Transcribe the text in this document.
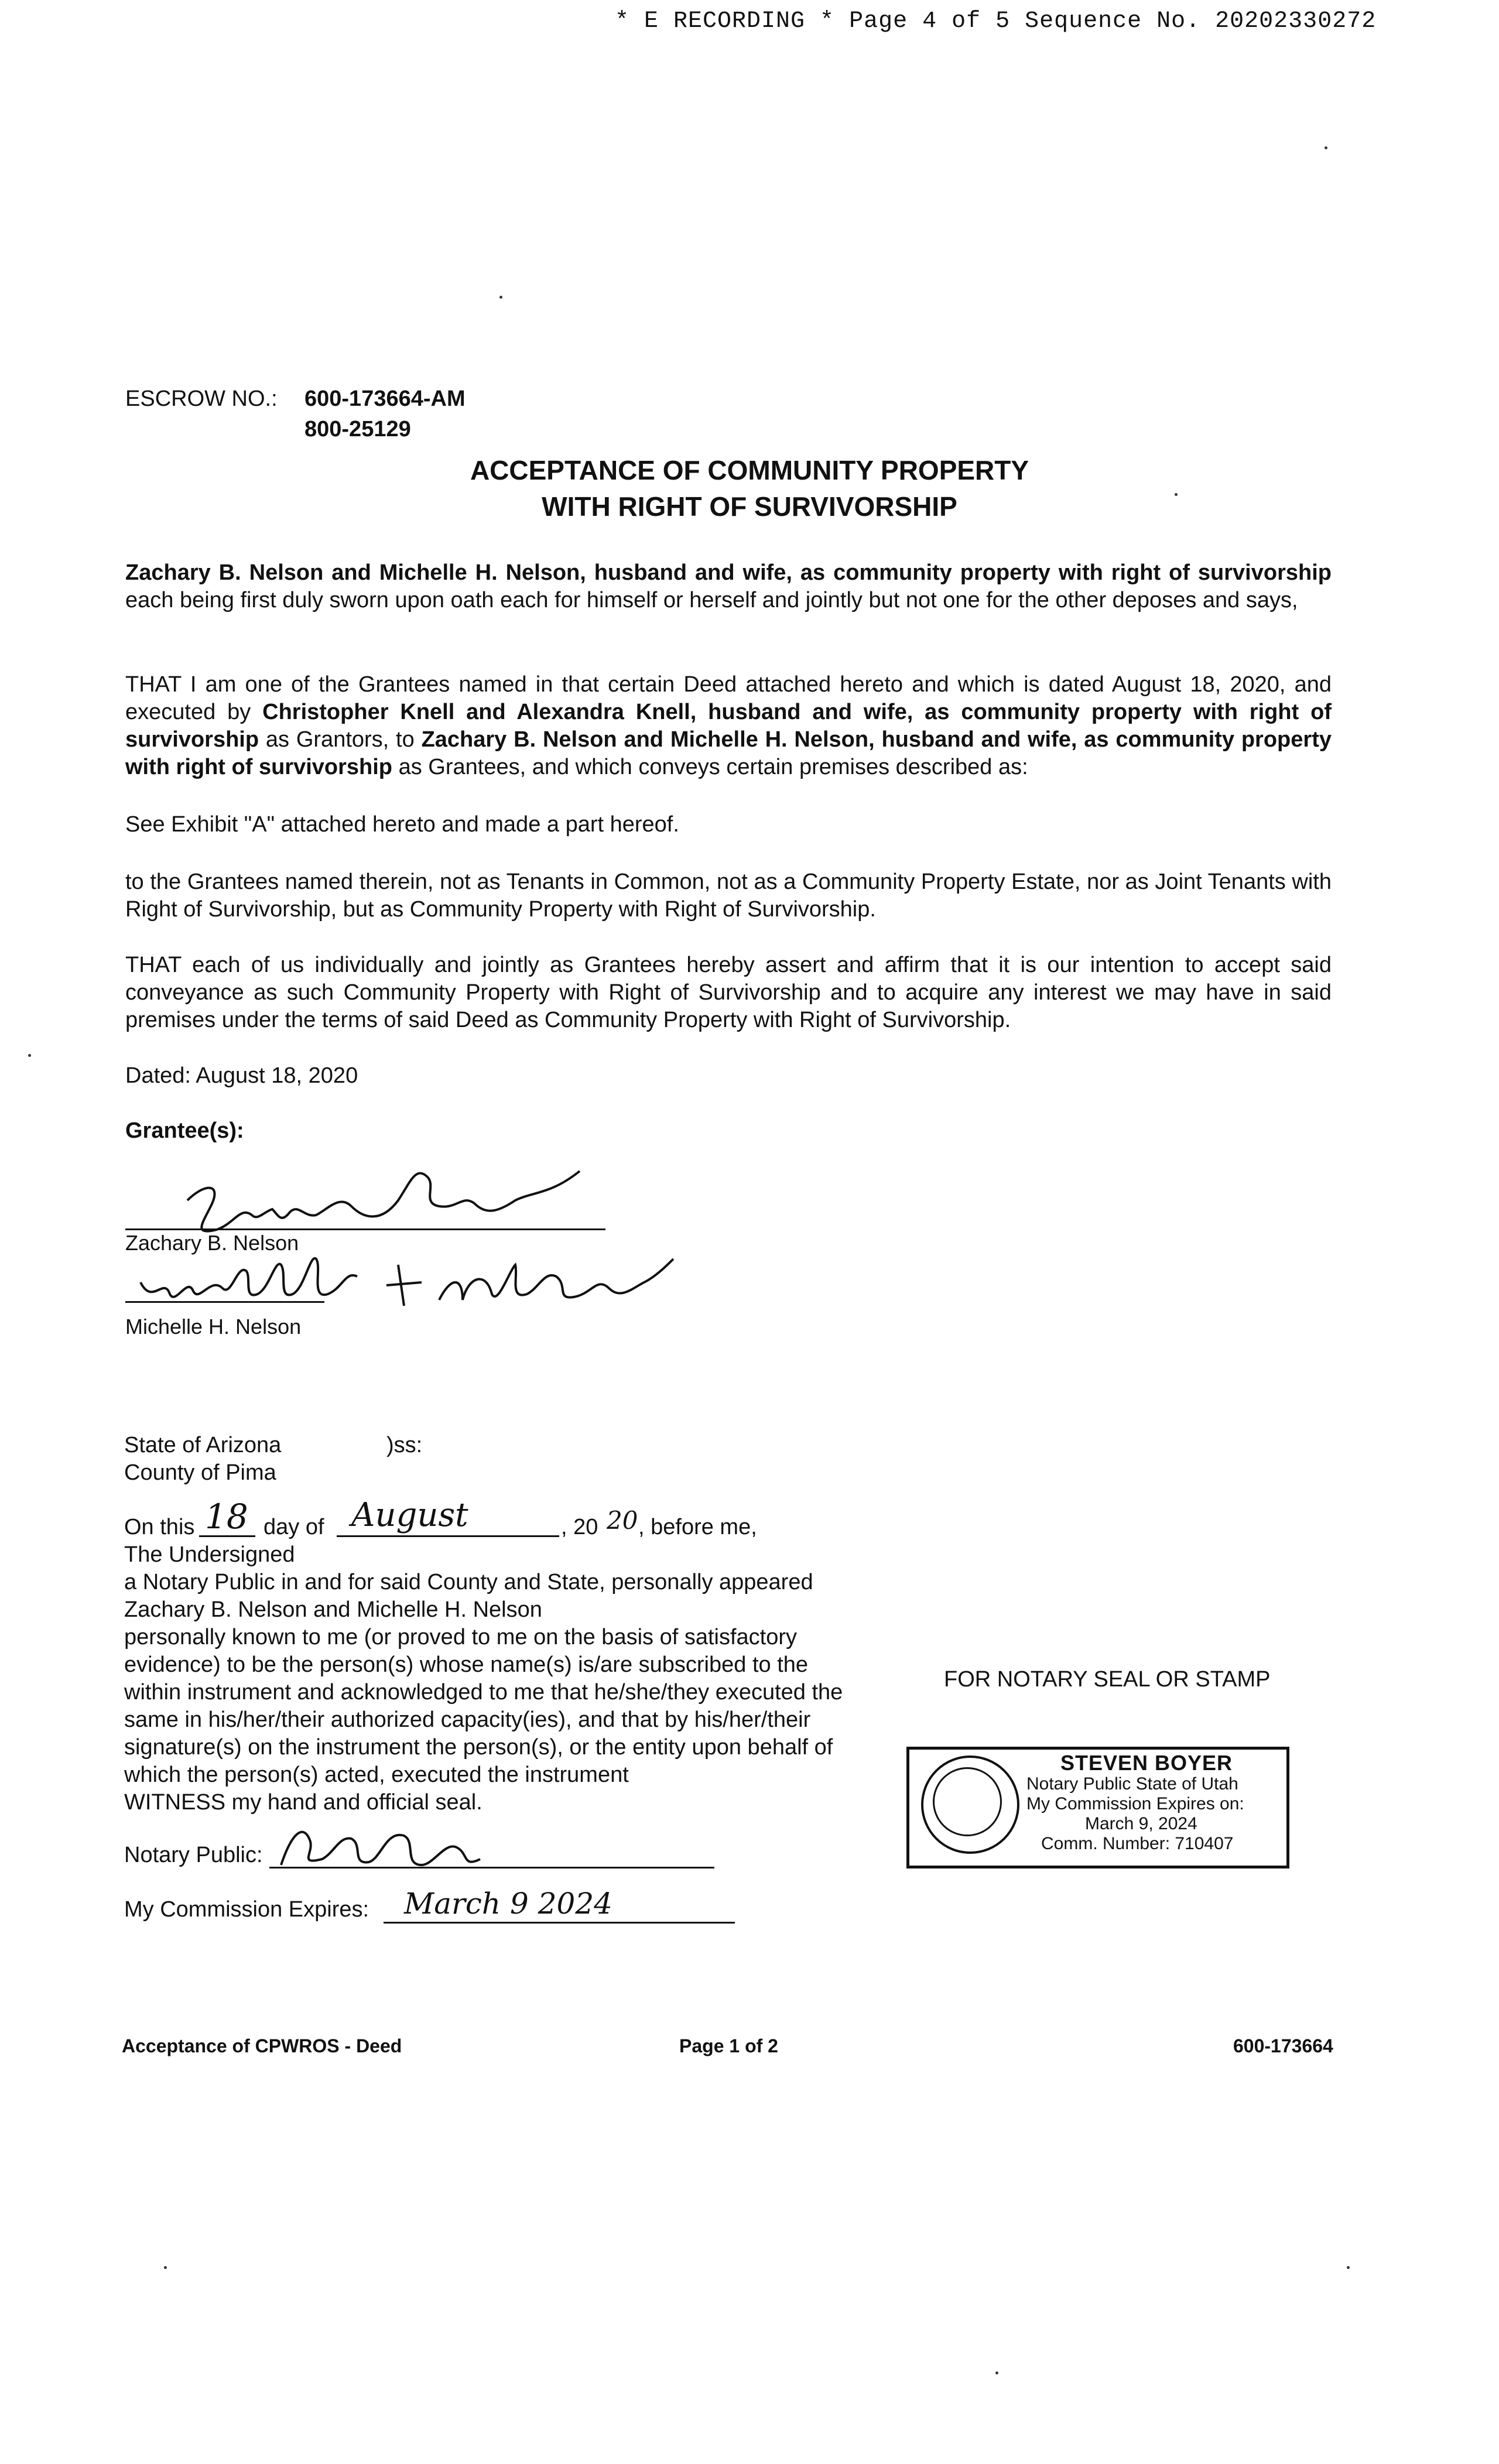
* E RECORDING * Page 4 of 5 Sequence No. 20202330272
ESCROW NO.: 600-173664-AM
800-25129
ACCEPTANCE OF COMMUNITY PROPERTY
WITH RIGHT OF SURVIVORSHIP
Zachary B. Nelson and Michelle H. Nelson, husband and wife, as community property with right of survivorship each being first duly sworn upon oath each for himself or herself and jointly but not one for the other deposes and says,
THAT I am one of the Grantees named in that certain Deed attached hereto and which is dated August 18, 2020, and executed by Christopher Knell and Alexandra Knell, husband and wife, as community property with right of survivorship as Grantors, to Zachary B. Nelson and Michelle H. Nelson, husband and wife, as community property with right of survivorship as Grantees, and which conveys certain premises described as:
See Exhibit "A" attached hereto and made a part hereof.
to the Grantees named therein, not as Tenants in Common, not as a Community Property Estate, nor as Joint Tenants with Right of Survivorship, but as Community Property with Right of Survivorship.
THAT each of us individually and jointly as Grantees hereby assert and affirm that it is our intention to accept said conveyance as such Community Property with Right of Survivorship and to acquire any interest we may have in said premises under the terms of said Deed as Community Property with Right of Survivorship.
Dated: August 18, 2020
Grantee(s):
Zachary B. Nelson
Michelle H. Nelson
State of Arizona	)ss:
County of Pima
On this 18 day of August	, 20 20 , before me,
The Undersigned
a Notary Public in and for said County and State, personally appeared
Zachary B. Nelson and Michelle H. Nelson
personally known to me (or proved to me on the basis of satisfactory
evidence) to be the person(s) whose name(s) is/are subscribed to the
within instrument and acknowledged to me that he/she/they executed the
same in his/her/their authorized capacity(ies), and that by his/her/their
signature(s) on the instrument the person(s), or the entity upon behalf of
which the person(s) acted, executed the instrument
WITNESS my hand and official seal.
Notary Public:
My Commission Expires: March 9 2024
FOR NOTARY SEAL OR STAMP
STEVEN BOYER
Notary Public State of Utah
My Commission Expires on:
March 9, 2024
Comm. Number: 710407
Acceptance of CPWROS - Deed	Page 1 of 2	600-173664
